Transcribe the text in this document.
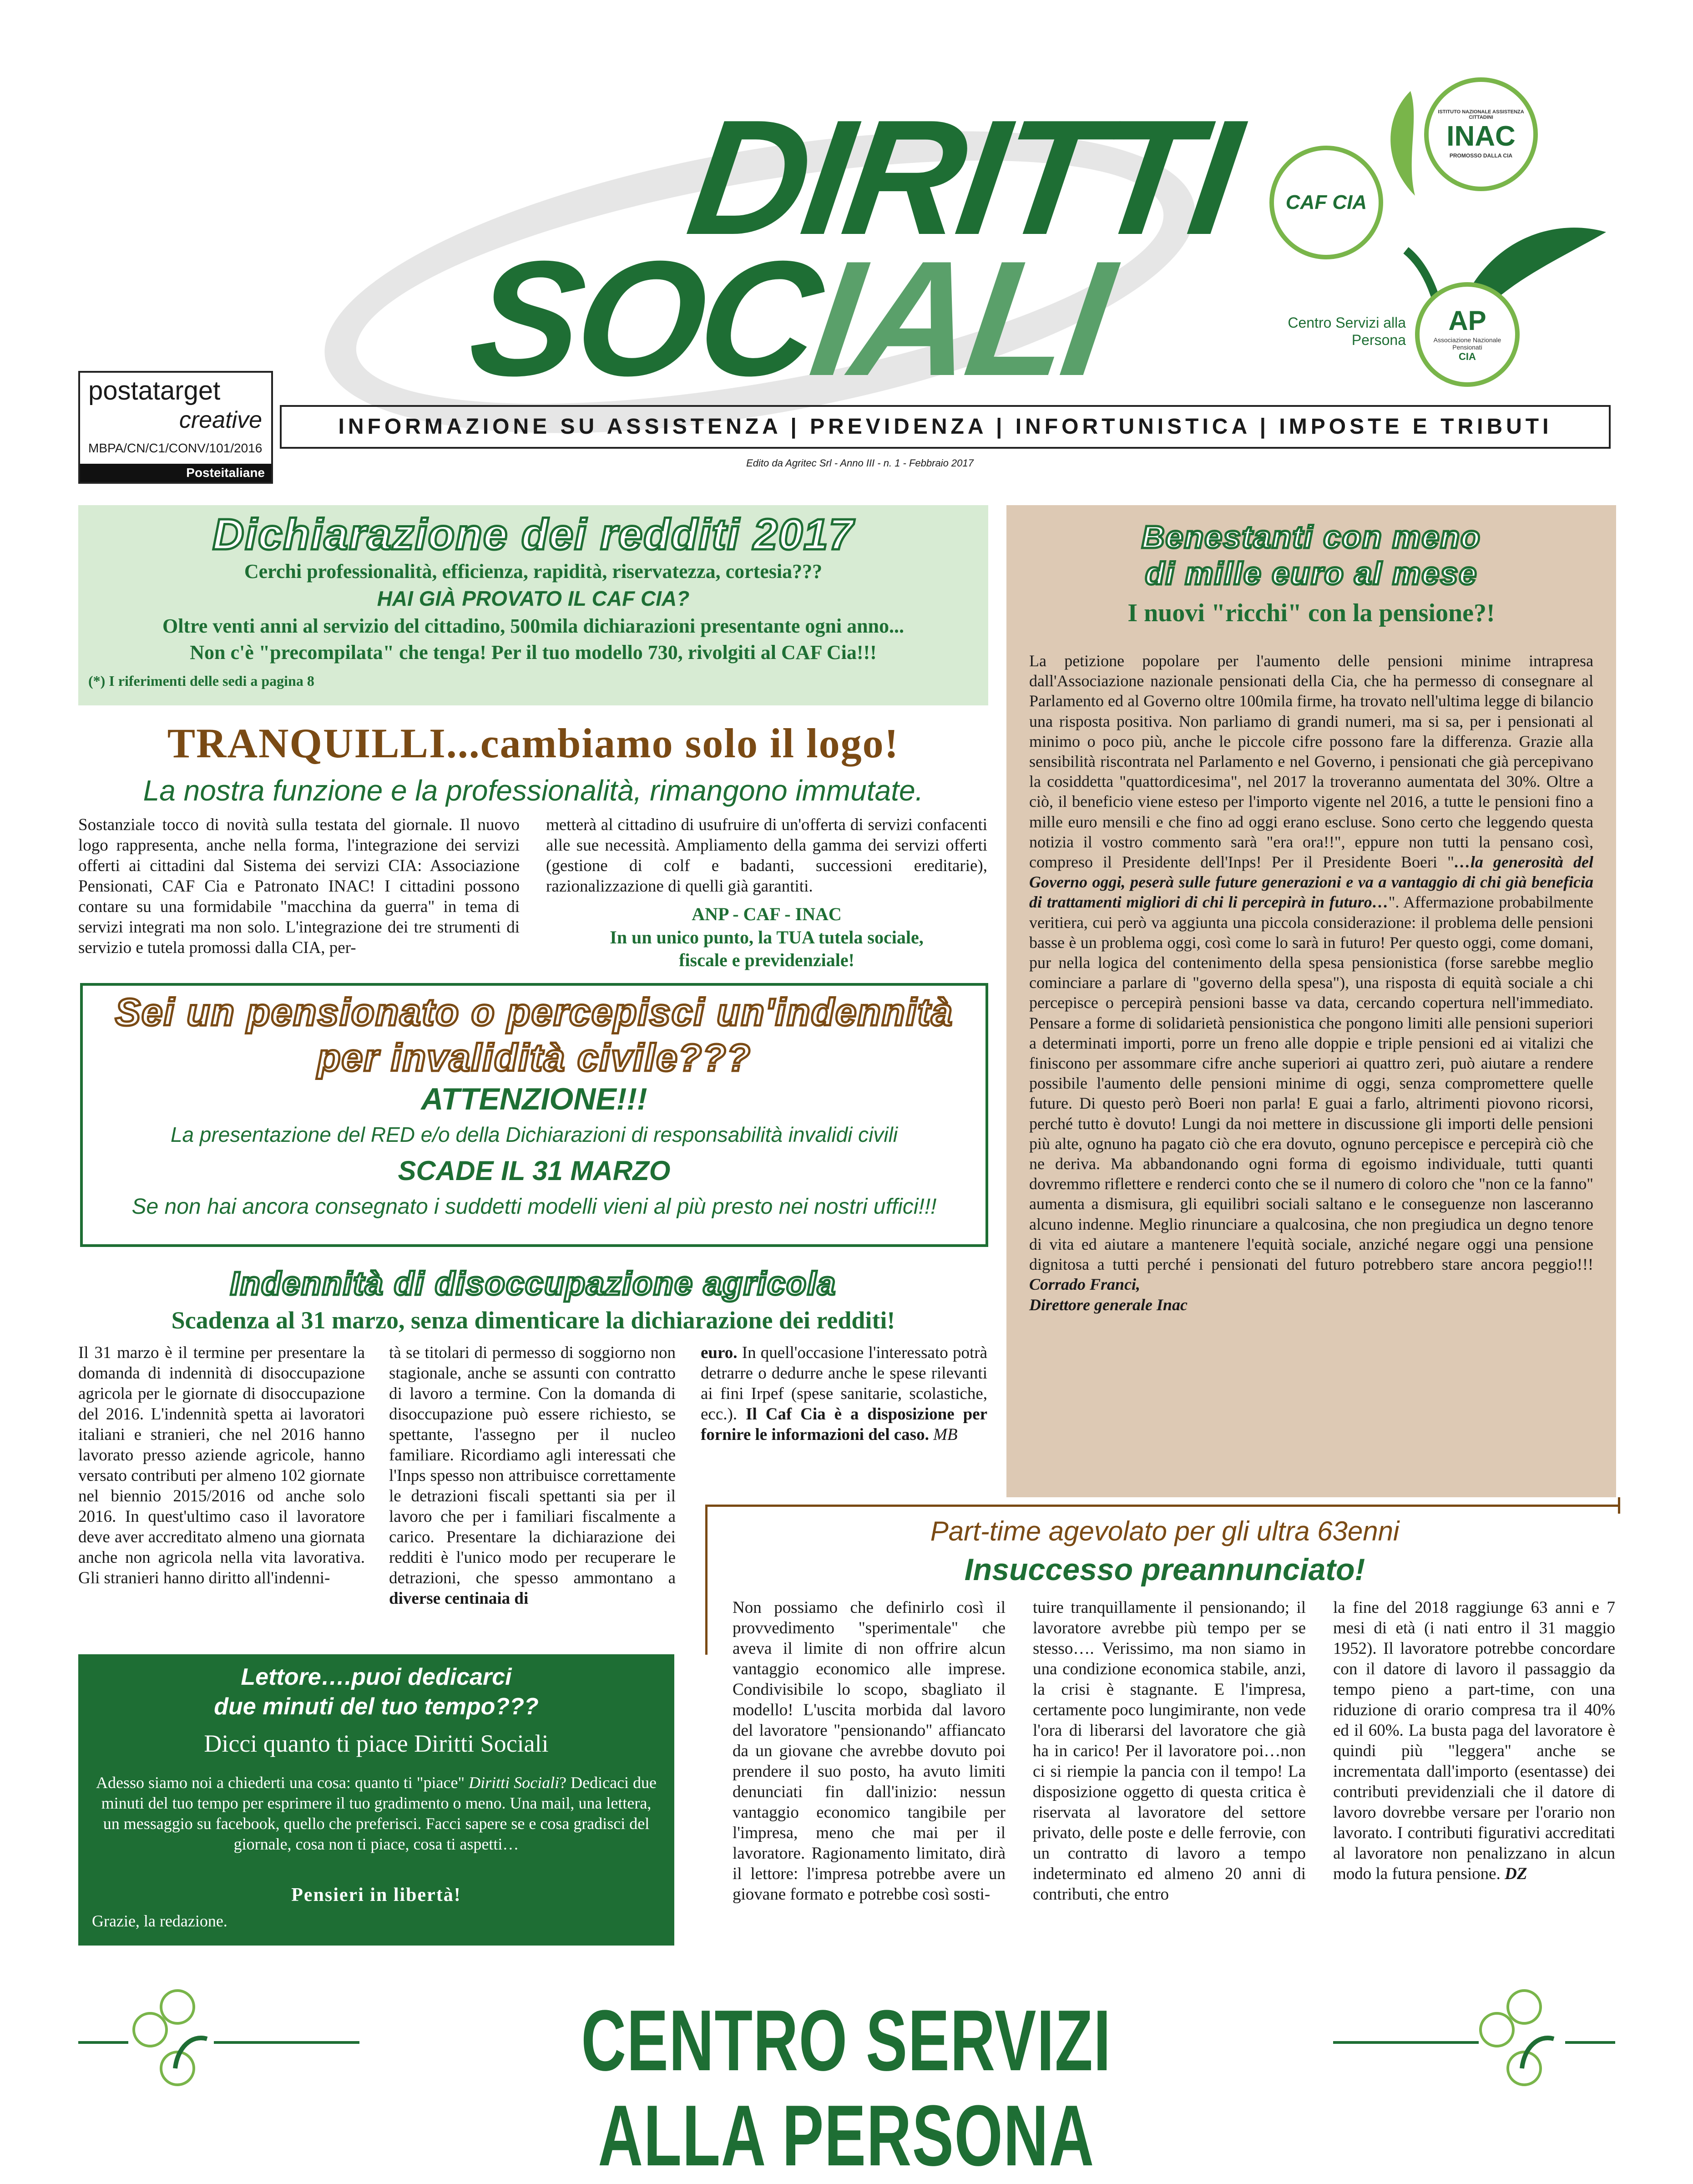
DIRITTI
SOCIALI
postatarget
creative
MBPA/CN/C1/CONV/101/2016
Posteitaliane
INFORMAZIONE SU ASSISTENZA | PREVIDENZA | INFORTUNISTICA | IMPOSTE E TRIBUTI
Edito da Agritec Srl - Anno III - n. 1 - Febbraio 2017
ISTITUTO NAZIONALE ASSISTENZA CITTADINI
INAC
PROMOSSO DALLA CIA
CAF CIA
Centro Servizi alla Persona
AP
Associazione Nazionale Pensionati
CIA
Dichiarazione dei redditi 2017
Cerchi professionalità, efficienza, rapidità, riservatezza, cortesia???
HAI GIÀ PROVATO IL CAF CIA?
Oltre venti anni al servizio del cittadino, 500mila dichiarazioni presentante ogni anno...
Non c'è "precompilata" che tenga! Per il tuo modello 730, rivolgiti al CAF Cia!!!
(*) I riferimenti delle sedi a pagina 8
TRANQUILLI...cambiamo solo il logo!
La nostra funzione e la professionalità, rimangono immutate.
Sostanziale tocco di novità sulla testata del giornale. Il nuovo logo rappresenta, anche nella forma, l'integrazione dei servizi offerti ai cittadini dal Sistema dei servizi CIA: Associazione Pensionati, CAF Cia e Patronato INAC! I cittadini possono contare su una formidabile "macchina da guerra" in tema di servizi integrati ma non solo. L'integrazione dei tre strumenti di servizio e tutela promossi dalla CIA, per-
metterà al cittadino di usufruire di un'offerta di servizi confacenti alle sue necessità. Ampliamento della gamma dei servizi offerti (gestione di colf e badanti, successioni ereditarie), razionalizzazione di quelli già garantiti.
ANP - CAF - INAC
In un unico punto, la TUA tutela sociale,
fiscale e previdenziale!
Sei un pensionato o percepisci un'indennità
per invalidità civile???
ATTENZIONE!!!
La presentazione del RED e/o della Dichiarazioni di responsabilità invalidi civili
SCADE IL 31 MARZO
Se non hai ancora consegnato i suddetti modelli vieni al più presto nei nostri uffici!!!
Indennità di disoccupazione agricola
Scadenza al 31 marzo, senza dimenticare la dichiarazione dei redditi!
Il 31 marzo è il termine per presentare la domanda di indennità di disoccupazione agricola per le giornate di disoccupazione del 2016. L'indennità spetta ai lavoratori italiani e stranieri, che nel 2016 hanno lavorato presso aziende agricole, hanno versato contributi per almeno 102 giornate nel biennio 2015/2016 od anche solo 2016. In quest'ultimo caso il lavoratore deve aver accreditato almeno una giornata anche non agricola nella vita lavorativa. Gli stranieri hanno diritto all'indenni-
tà se titolari di permesso di soggiorno non stagionale, anche se assunti con contratto di lavoro a termine. Con la domanda di disoccupazione può essere richiesto, se spettante, l'assegno per il nucleo familiare. Ricordiamo agli interessati che l'Inps spesso non attribuisce correttamente le detrazioni fiscali spettanti sia per il lavoro che per i familiari fiscalmente a carico. Presentare la dichiarazione dei redditi è l'unico modo per recuperare le detrazioni, che spesso ammontano a diverse centinaia di
euro. In quell'occasione l'interessato potrà detrarre o dedurre anche le spese rilevanti ai fini Irpef (spese sanitarie, scolastiche, ecc.). Il Caf Cia è a disposizione per fornire le informazioni del caso. MB
Benestanti con meno
di mille euro al mese
I nuovi "ricchi" con la pensione?!
La petizione popolare per l'aumento delle pensioni minime intrapresa dall'Associazione nazionale pensionati della Cia, che ha permesso di consegnare al Parlamento ed al Governo oltre 100mila firme, ha trovato nell'ultima legge di bilancio una risposta positiva. Non parliamo di grandi numeri, ma si sa, per i pensionati al minimo o poco più, anche le piccole cifre possono fare la differenza. Grazie alla sensibilità riscontrata nel Parlamento e nel Governo, i pensionati che già percepivano la cosiddetta "quattordicesima", nel 2017 la troveranno aumentata del 30%. Oltre a ciò, il beneficio viene esteso per l'importo vigente nel 2016, a tutte le pensioni fino a mille euro mensili e che fino ad oggi erano escluse. Sono certo che leggendo questa notizia il vostro commento sarà "era ora!!", eppure non tutti la pensano così, compreso il Presidente dell'Inps! Per il Presidente Boeri "…la generosità del Governo oggi, peserà sulle future generazioni e va a vantaggio di chi già beneficia di trattamenti migliori di chi li percepirà in futuro…". Affermazione probabilmente veritiera, cui però va aggiunta una piccola considerazione: il problema delle pensioni basse è un problema oggi, così come lo sarà in futuro! Per questo oggi, come domani, pur nella logica del contenimento della spesa pensionistica (forse sarebbe meglio cominciare a parlare di "governo della spesa"), una risposta di equità sociale a chi percepisce o percepirà pensioni basse va data, cercando copertura nell'immediato. Pensare a forme di solidarietà pensionistica che pongono limiti alle pensioni superiori a determinati importi, porre un freno alle doppie e triple pensioni ed ai vitalizi che finiscono per assommare cifre anche superiori ai quattro zeri, può aiutare a rendere possibile l'aumento delle pensioni minime di oggi, senza compromettere quelle future. Di questo però Boeri non parla! E guai a farlo, altrimenti piovono ricorsi, perché tutto è dovuto! Lungi da noi mettere in discussione gli importi delle pensioni più alte, ognuno ha pagato ciò che era dovuto, ognuno percepisce e percepirà ciò che ne deriva. Ma abbandonando ogni forma di egoismo individuale, tutti quanti dovremmo riflettere e renderci conto che se il numero di coloro che "non ce la fanno" aumenta a dismisura, gli equilibri sociali saltano e le conseguenze non lasceranno alcuno indenne. Meglio rinunciare a qualcosina, che non pregiudica un degno tenore di vita ed aiutare a mantenere l'equità sociale, anziché negare oggi una pensione dignitosa a tutti perché i pensionati del futuro potrebbero stare ancora peggio!!! Corrado Franci,
Direttore generale Inac
Part-time agevolato per gli ultra 63enni
Insuccesso preannunciato!
Non possiamo che definirlo così il provvedimento "sperimentale" che aveva il limite di non offrire alcun vantaggio economico alle imprese. Condivisibile lo scopo, sbagliato il modello! L'uscita morbida dal lavoro del lavoratore "pensionando" affiancato da un giovane che avrebbe dovuto poi prendere il suo posto, ha avuto limiti denunciati fin dall'inizio: nessun vantaggio economico tangibile per l'impresa, meno che mai per il lavoratore. Ragionamento limitato, dirà il lettore: l'impresa potrebbe avere un giovane formato e potrebbe così sosti-
tuire tranquillamente il pensionando; il lavoratore avrebbe più tempo per se stesso…. Verissimo, ma non siamo in una condizione economica stabile, anzi, la crisi è stagnante. E l'impresa, certamente poco lungimirante, non vede l'ora di liberarsi del lavoratore che già ha in carico! Per il lavoratore poi…non ci si riempie la pancia con il tempo! La disposizione oggetto di questa critica è riservata al lavoratore del settore privato, delle poste e delle ferrovie, con un contratto di lavoro a tempo indeterminato ed almeno 20 anni di contributi, che entro
la fine del 2018 raggiunge 63 anni e 7 mesi di età (i nati entro il 31 maggio 1952). Il lavoratore potrebbe concordare con il datore di lavoro il passaggio da tempo pieno a part-time, con una riduzione di orario compresa tra il 40% ed il 60%. La busta paga del lavoratore è quindi più "leggera" anche se incrementata dall'importo (esentasse) dei contributi previdenziali che il datore di lavoro dovrebbe versare per l'orario non lavorato. I contributi figurativi accreditati al lavoratore non penalizzano in alcun modo la futura pensione. DZ
Lettore….puoi dedicarci
due minuti del tuo tempo???
Dicci quanto ti piace Diritti Sociali
Adesso siamo noi a chiederti una cosa: quanto ti "piace" Diritti Sociali? Dedicaci due minuti del tuo tempo per esprimere il tuo gradimento o meno. Una mail, una lettera, un messaggio su facebook, quello che preferisci. Facci sapere se e cosa gradisci del giornale, cosa non ti piace, cosa ti aspetti…
Pensieri in libertà!
Grazie, la redazione.
CENTRO SERVIZI ALLA PERSONA
